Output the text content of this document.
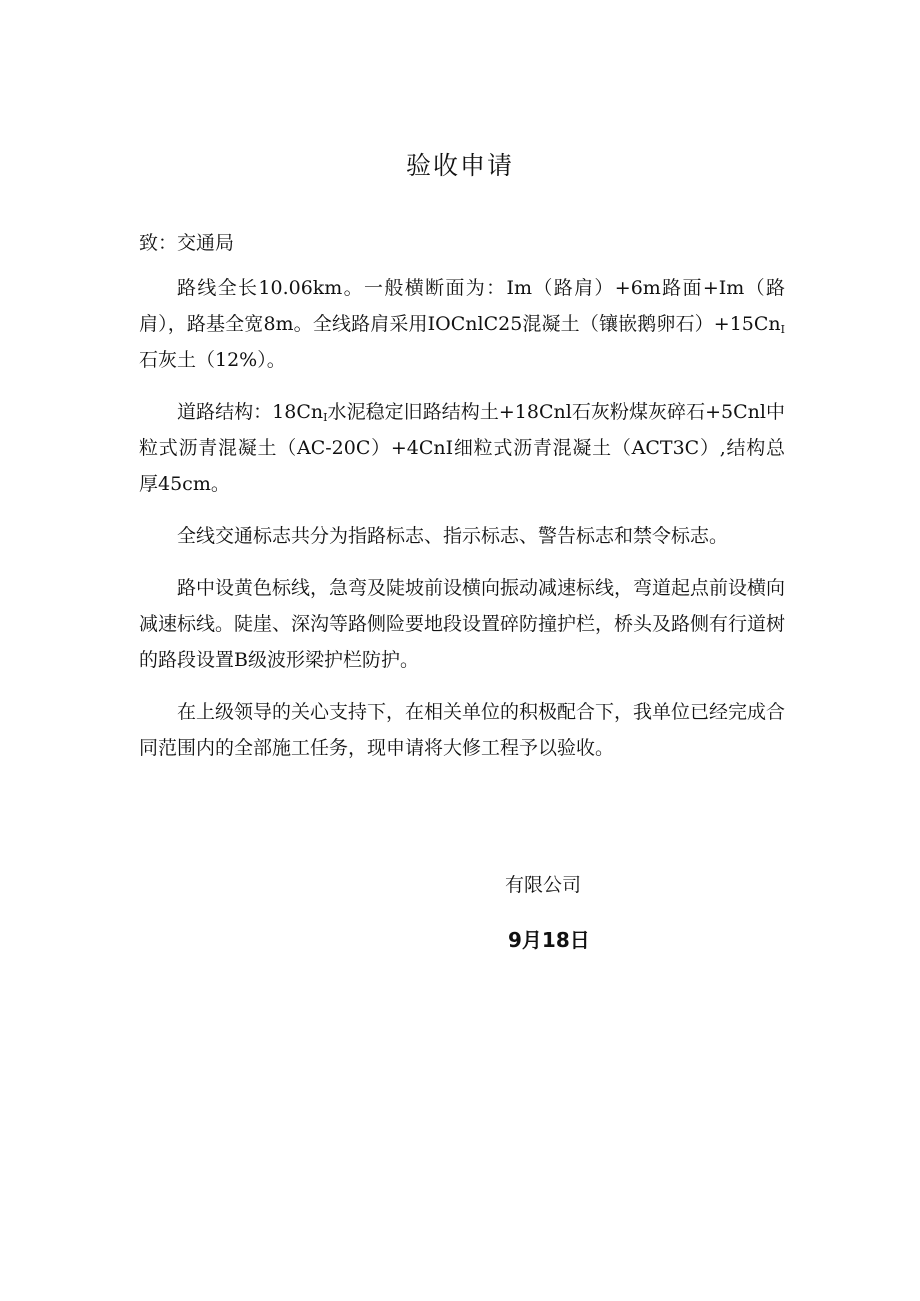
验收申请
致：交通局

路线全长10.06km。一般横断面为：Im（路肩）+6m路面+Im（路肩），路基全宽8m。全线路肩采用IOCnlC25混凝土（镶嵌鹅卵石）$+15Cn_I$石灰土（12%）。

道路结构：$18Cn_I$水泥稳定旧路结构土+18Cnl石灰粉煤灰碎石+5Cnl中粒式沥青混凝土（AC-20C）+4CnI细粒式沥青混凝土（ACT3C）,结构总厚45cm。

全线交通标志共分为指路标志、指示标志、警告标志和禁令标志。

路中设黄色标线，急弯及陡坡前设横向振动减速标线，弯道起点前设横向减速标线。陡崖、深沟等路侧险要地段设置碎防撞护栏，桥头及路侧有行道树的路段设置B级波形梁护栏防护。

在上级领导的关心支持下，在相关单位的积极配合下，我单位已经完成合同范围内的全部施工任务，现申请将大修工程予以验收。

有限公司
9月18日
